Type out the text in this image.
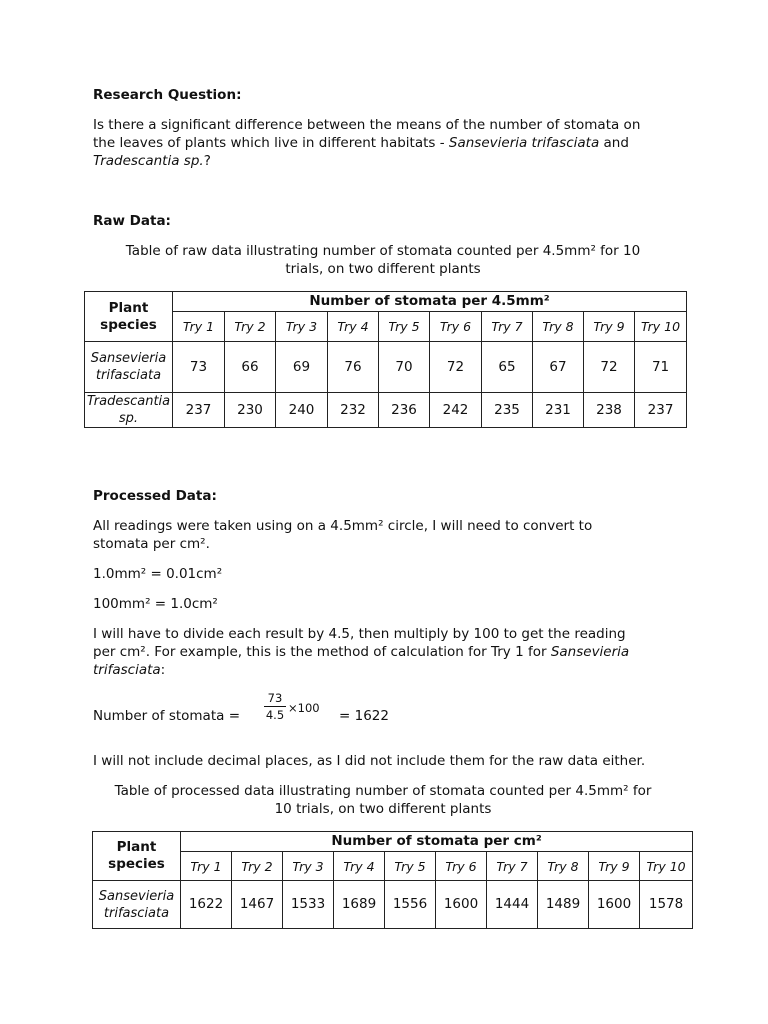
Research Question:

Is there a significant difference between the means of the number of stomata on
the leaves of plants which live in different habitats - Sansevieria trifasciata and
Tradescantia sp.?

Raw Data:

Table of raw data illustrating number of stomata counted per 4.5mm² for 10
trials, on two different plants

Plant species	Number of stomata per 4.5mm²									
	Try 1	Try 2	Try 3	Try 4	Try 5	Try 6	Try 7	Try 8	Try 9	Try 10
Sansevieria trifasciata	73	66	69	76	70	72	65	67	72	71
Tradescantia sp.	237	230	240	232	236	242	235	231	238	237

Processed Data:

All readings were taken using on a 4.5mm² circle, I will need to convert to
stomata per cm².

1.0mm² = 0.01cm²

100mm² = 1.0cm²

I will have to divide each result by 4.5, then multiply by 100 to get the reading
per cm². For example, this is the method of calculation for Try 1 for Sansevieria
trifasciata:

Number of stomata =

73
4.5 ×100 = 1622

I will not include decimal places, as I did not include them for the raw data either.

Table of processed data illustrating number of stomata counted per 4.5mm² for
10 trials, on two different plants

Plant species	Number of stomata per cm²									
	Try 1	Try 2	Try 3	Try 4	Try 5	Try 6	Try 7	Try 8	Try 9	Try 10
Sansevieria trifasciata	1622	1467	1533	1689	1556	1600	1444	1489	1600	1578
